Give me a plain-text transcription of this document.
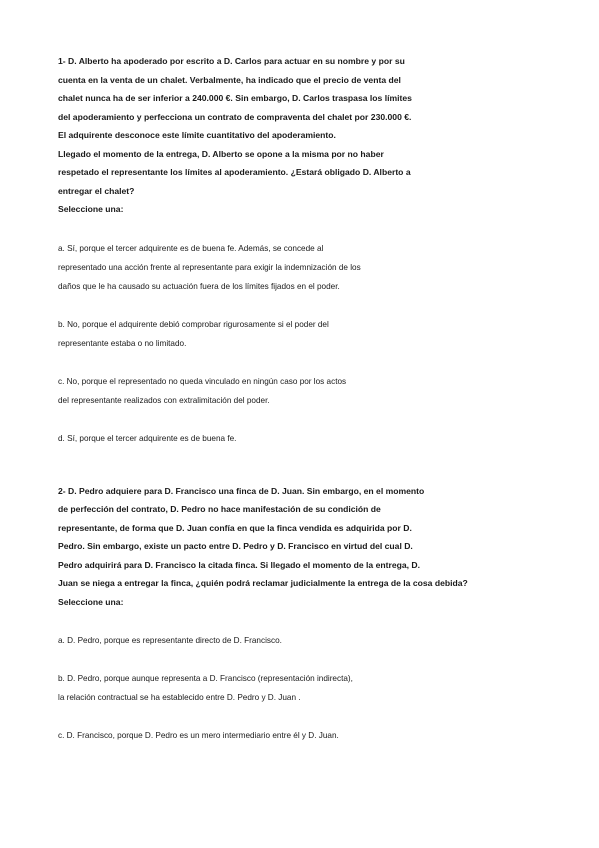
1- D. Alberto ha apoderado por escrito a D. Carlos para actuar en su nombre y por su
cuenta en la venta de un chalet. Verbalmente, ha indicado que el precio de venta del
chalet nunca ha de ser inferior a 240.000 €. Sin embargo, D. Carlos traspasa los límites
del apoderamiento y perfecciona un contrato de compraventa del chalet por 230.000 €.
El adquirente desconoce este límite cuantitativo del apoderamiento.
Llegado el momento de la entrega, D. Alberto se opone a la misma por no haber
respetado el representante los límites al apoderamiento. ¿Estará obligado D. Alberto a
entregar el chalet?
Seleccione una:
a. Sí, porque el tercer adquirente es de buena fe. Además, se concede al
representado una acción frente al representante para exigir la indemnización de los
daños que le ha causado su actuación fuera de los límites fijados en el poder.
b. No, porque el adquirente debió comprobar rigurosamente si el poder del
representante estaba o no limitado.
c. No, porque el representado no queda vinculado en ningún caso por los actos
del representante realizados con extralimitación del poder.
d. Sí, porque el tercer adquirente es de buena fe.
2- D. Pedro adquiere para D. Francisco una finca de D. Juan. Sin embargo, en el momento
de perfección del contrato, D. Pedro no hace manifestación de su condición de
representante, de forma que D. Juan confía en que la finca vendida es adquirida por D.
Pedro. Sin embargo, existe un pacto entre D. Pedro y D. Francisco en virtud del cual D.
Pedro adquirirá para D. Francisco la citada finca. Si llegado el momento de la entrega, D.
Juan se niega a entregar la finca, ¿quién podrá reclamar judicialmente la entrega de la cosa debida?
Seleccione una:
a. D. Pedro, porque es representante directo de D. Francisco.
b. D. Pedro, porque aunque representa a D. Francisco (representación indirecta),
la relación contractual se ha establecido entre D. Pedro y D. Juan .
c. D. Francisco, porque D. Pedro es un mero intermediario entre él y D. Juan.
